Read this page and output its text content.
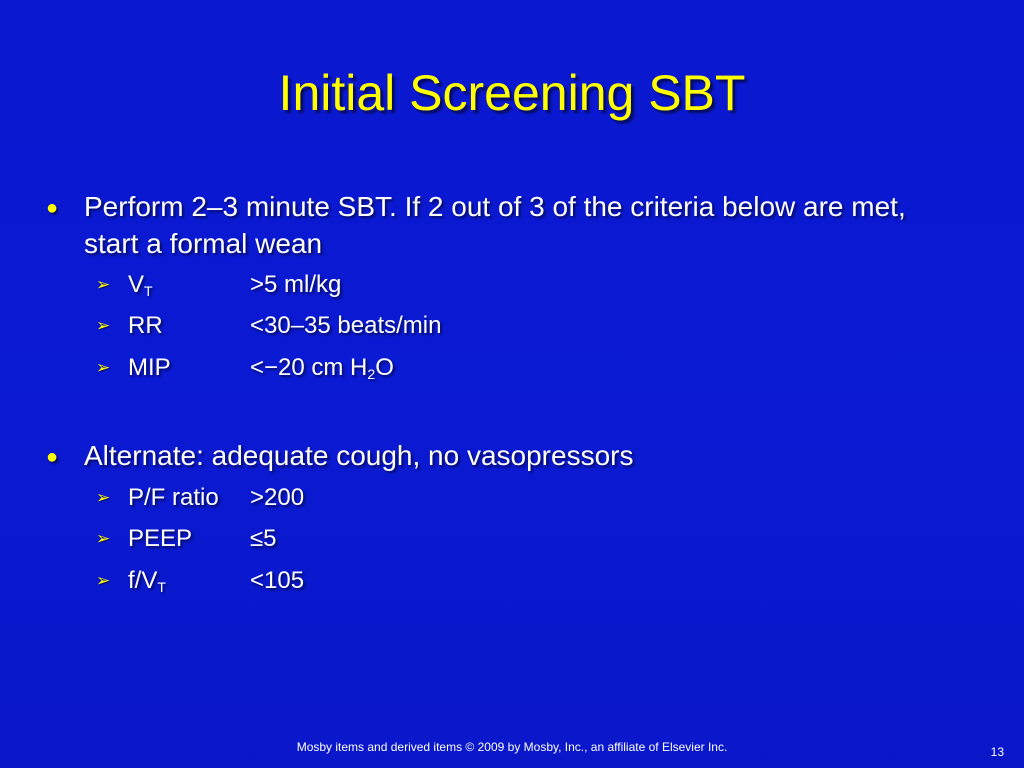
Initial Screening SBT
● Perform 2–3 minute SBT. If 2 out of 3 of the criteria below are met, start a formal wean
➢ $V_T$	>5 ml/kg
➢ RR	<30–35 beats/min
➢ MIP	<−20 cm $H_2O$
● Alternate: adequate cough, no vasopressors
➢ P/F ratio >200
➢ PEEP ≤5
➢ $f/V_T$	<105
Mosby items and derived items © 2009 by Mosby, Inc., an affiliate of Elsevier Inc.	13
